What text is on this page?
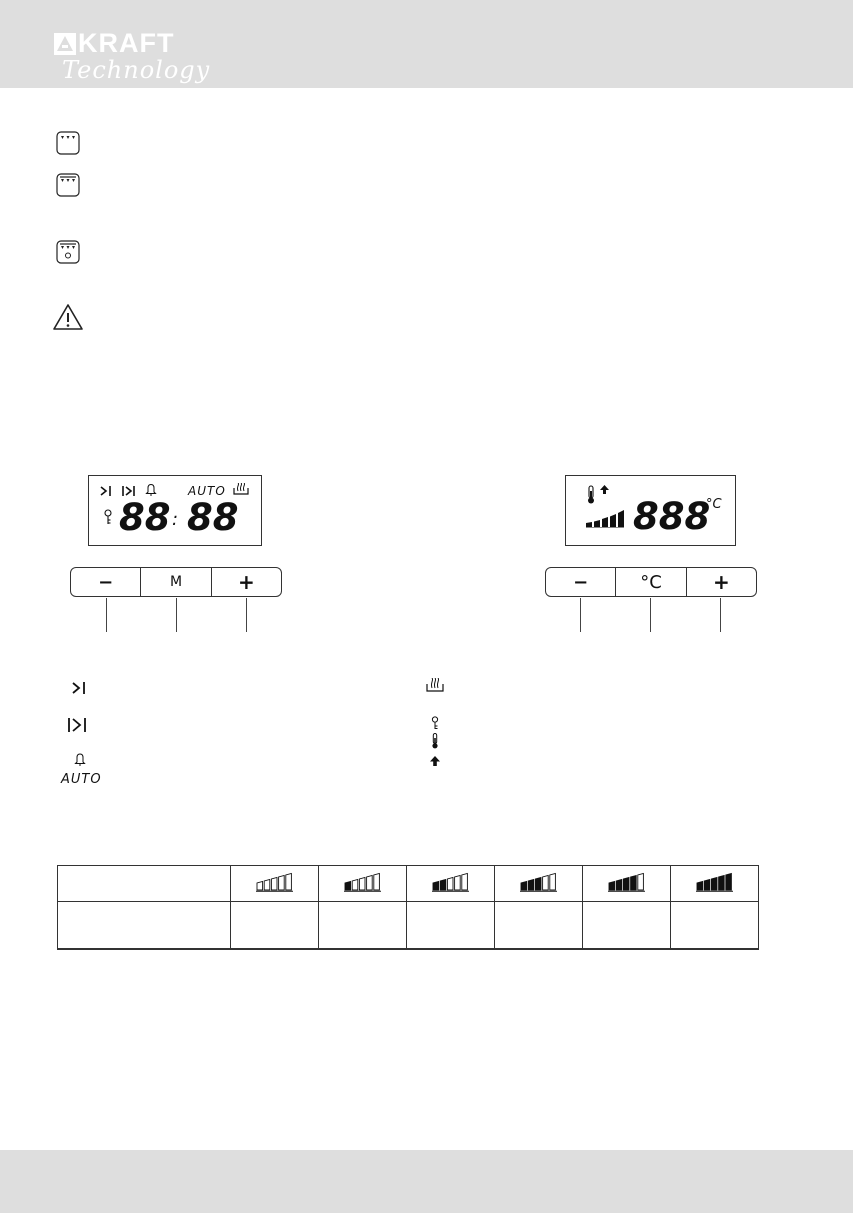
KRAFT
Technology
AUTO
88 : 88
−	M	+
888
°C
−	°C	+
AUTO
